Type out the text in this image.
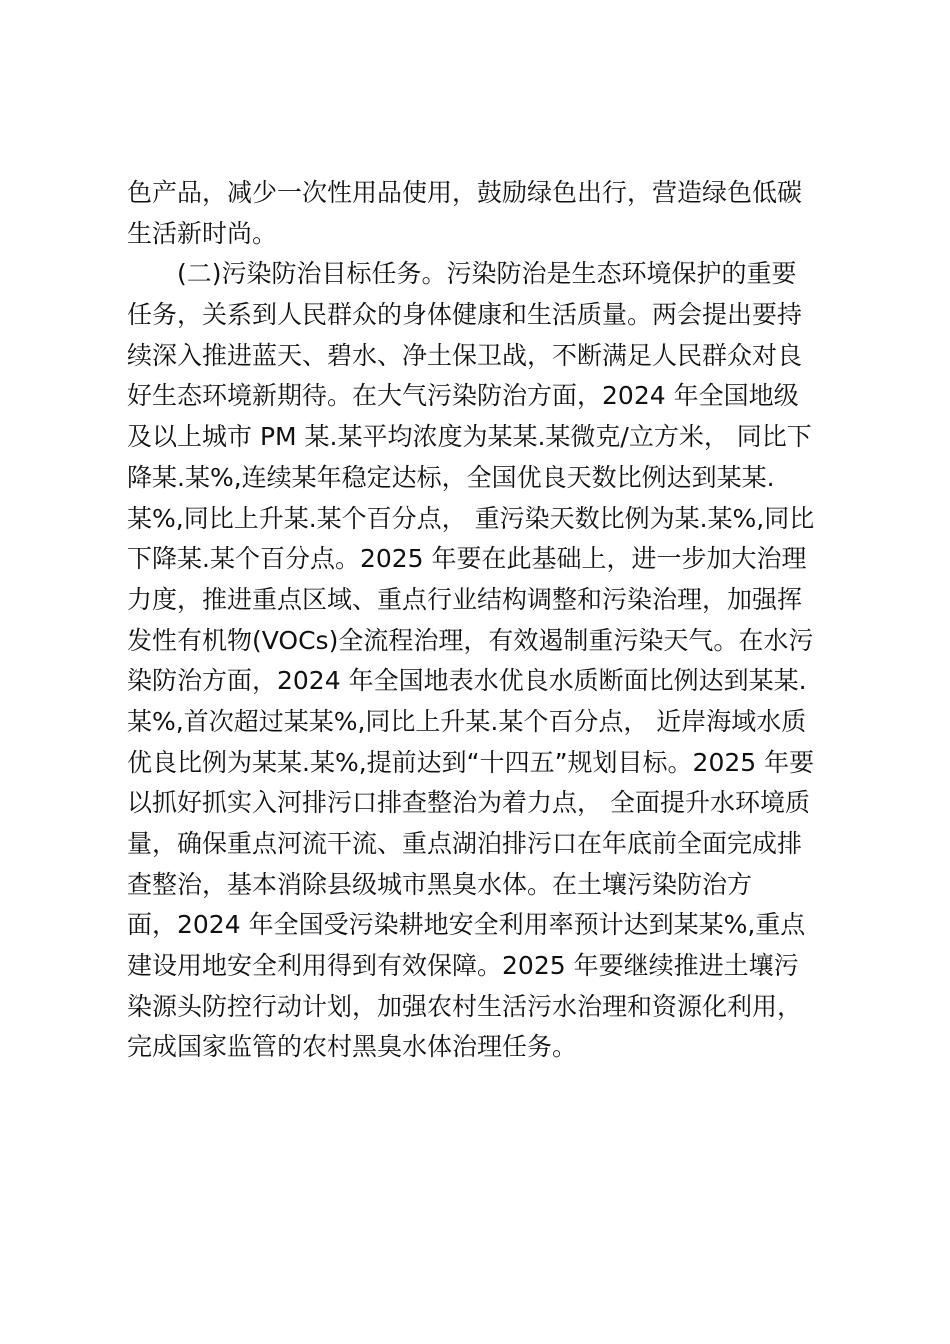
色产品，减少一次性用品使用，鼓励绿色出行，营造绿色低碳
生活新时尚。
(二)污染防治目标任务。污染防治是生态环境保护的重要
任务，关系到人民群众的身体健康和生活质量。两会提出要持
续深入推进蓝天、碧水、净土保卫战，不断满足人民群众对良
好生态环境新期待。在大气污染防治方面，2024 年全国地级
及以上城市 PM 某.某平均浓度为某某.某微克/立方米， 同比下
降某.某%,连续某年稳定达标，全国优良天数比例达到某某.
某%,同比上升某.某个百分点， 重污染天数比例为某.某%,同比
下降某.某个百分点。2025 年要在此基础上，进一步加大治理
力度，推进重点区域、重点行业结构调整和污染治理，加强挥
发性有机物(VOCs)全流程治理，有效遏制重污染天气。在水污
染防治方面，2024 年全国地表水优良水质断面比例达到某某.
某%,首次超过某某%,同比上升某.某个百分点， 近岸海域水质
优良比例为某某.某%,提前达到“十四五”规划目标。2025 年要
以抓好抓实入河排污口排查整治为着力点， 全面提升水环境质
量，确保重点河流干流、重点湖泊排污口在年底前全面完成排
查整治，基本消除县级城市黑臭水体。在土壤污染防治方
面，2024 年全国受污染耕地安全利用率预计达到某某%,重点
建设用地安全利用得到有效保障。2025 年要继续推进土壤污
染源头防控行动计划，加强农村生活污水治理和资源化利用，
完成国家监管的农村黑臭水体治理任务。
